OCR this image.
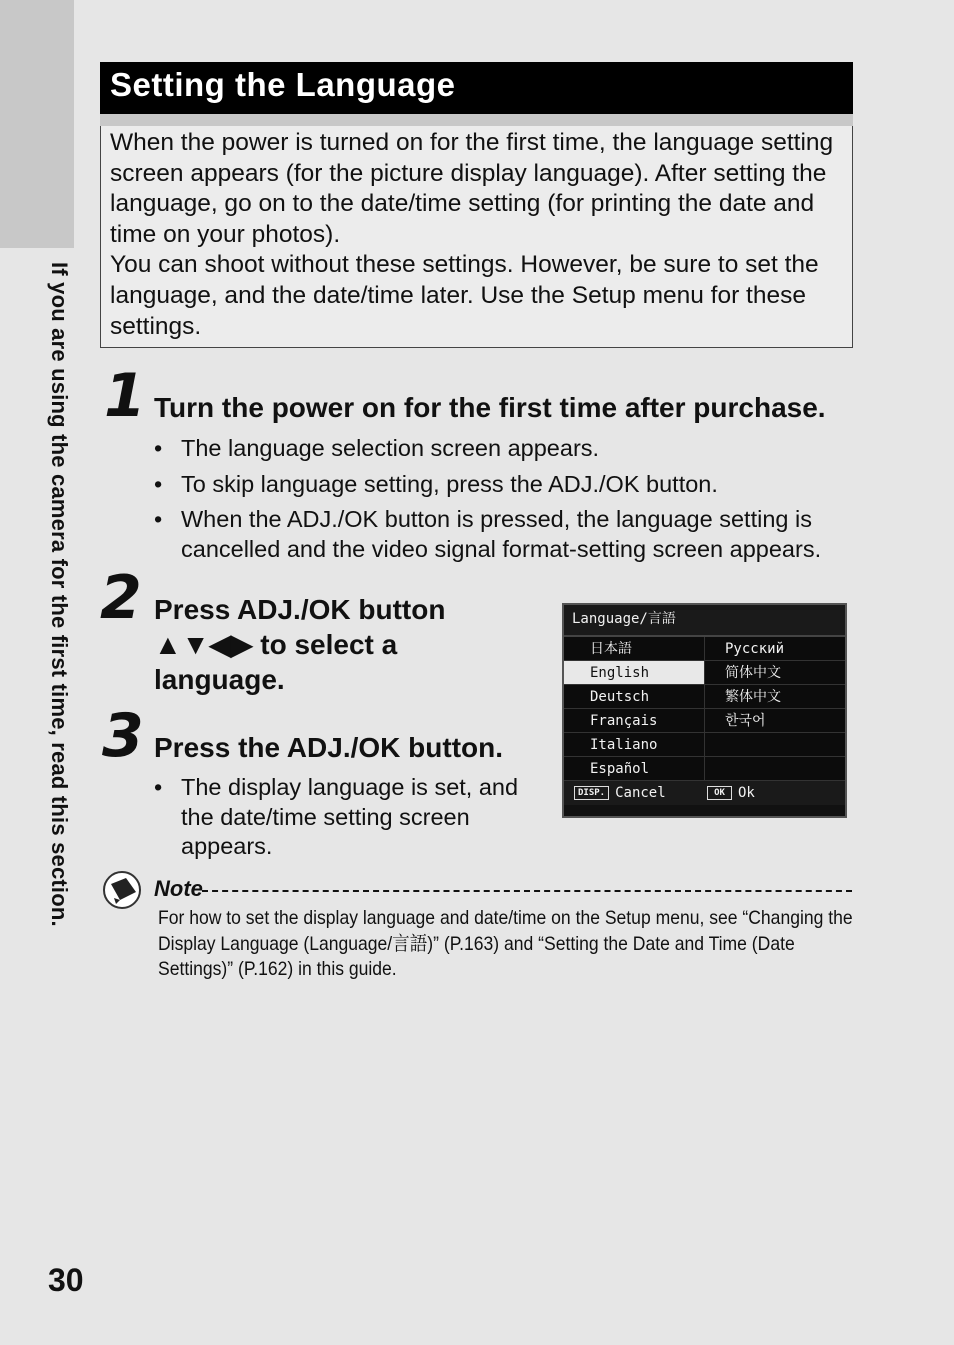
If you are using the camera for the first time, read this section.
30
Setting the Language

When the power is turned on for the first time, the language setting screen appears (for the picture display language). After setting the language, go on to the date/time setting (for printing the date and time on your photos).

You can shoot without these settings. However, be sure to set the language, and the date/time later. Use the Setup menu for these settings.

1 Turn the power on for the first time after purchase.
• The language selection screen appears.
• To skip language setting, press the ADJ./OK button.
• When the ADJ./OK button is pressed, the language setting is cancelled and the video signal format-setting screen appears.
2 Press ADJ./OK button ▲▼◀▶ to select a language.
3 Press the ADJ./OK button.
• The display language is set, and the date/time setting screen appears.
Language/言語
日本語	Русский
English	简体中文
Deutsch	繁体中文
Français	한국어
Italiano
Español
DISP. Cancel	OK Ok
Note
For how to set the display language and date/time on the Setup menu, see “Changing the Display Language (Language/言語)” (P.163) and “Setting the Date and Time (Date Settings)” (P.162) in this guide.
